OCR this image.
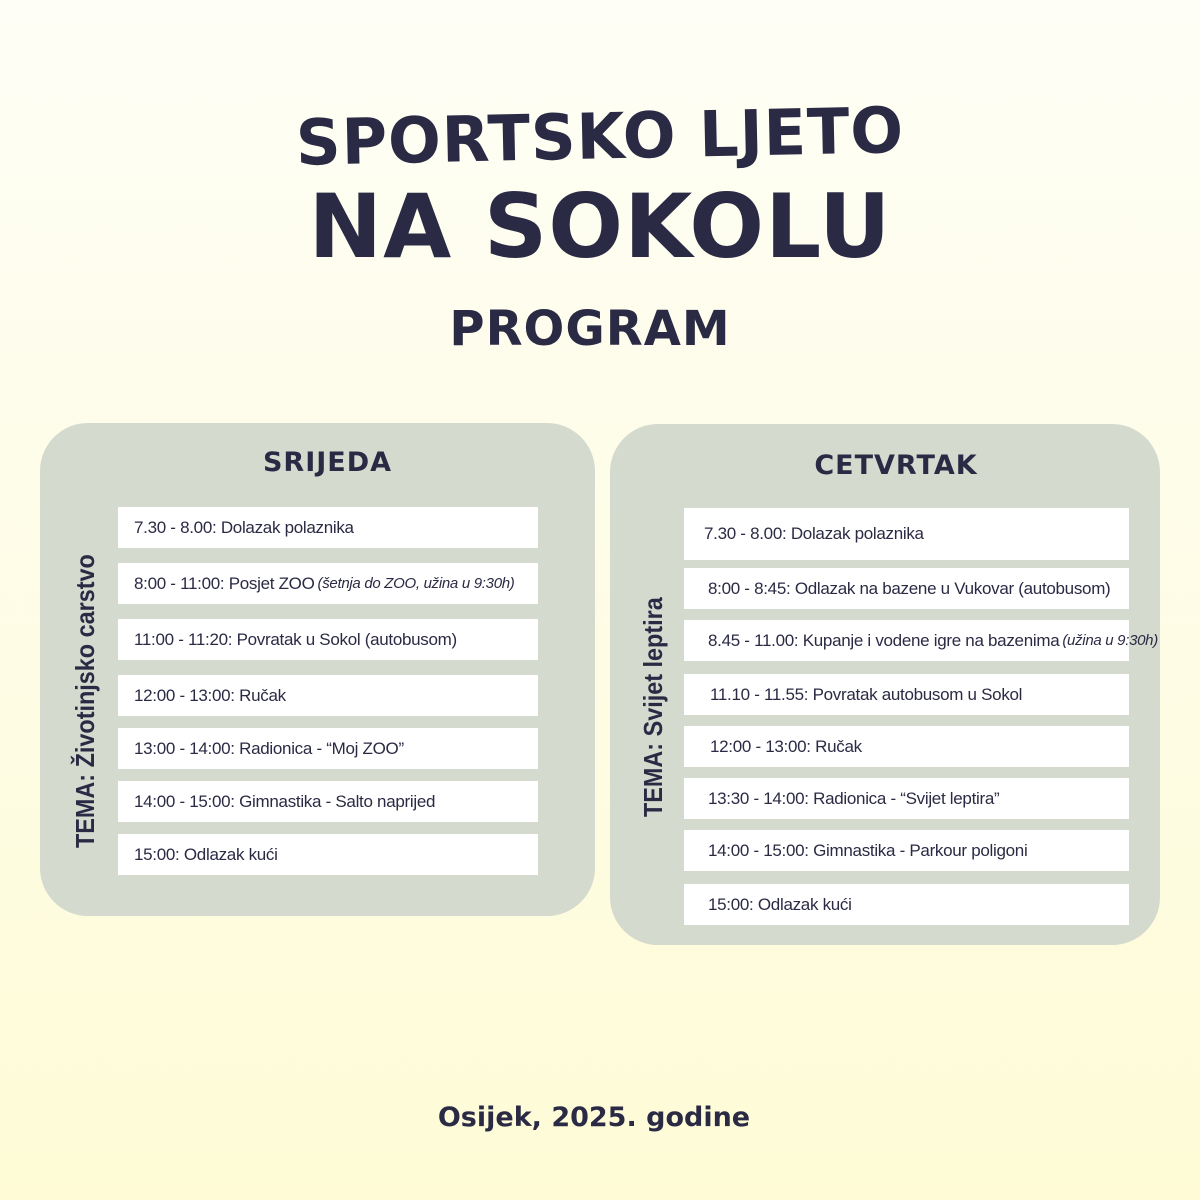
SPORTSKO LJETO
NA SOKOLU
PROGRAM
SRIJEDA
TEMA: Životinjsko carstvo
7.30 - 8.00: Dolazak polaznika
8:00 - 11:00: Posjet ZOO (šetnja do ZOO, užina u 9:30h)
11:00 - 11:20: Povratak u Sokol (autobusom)
12:00 - 13:00: Ručak
13:00 - 14:00: Radionica - “Moj ZOO”
14:00 - 15:00: Gimnastika - Salto naprijed
15:00: Odlazak kući
CETVRTAK
TEMA: Svijet leptira
7.30 - 8.00: Dolazak polaznika
8:00 - 8:45: Odlazak na bazene u Vukovar (autobusom)
8.45 - 11.00: Kupanje i vodene igre na bazenima (užina u 9:30h)
11.10 - 11.55: Povratak autobusom u Sokol
12:00 - 13:00: Ručak
13:30 - 14:00: Radionica - “Svijet leptira”
14:00 - 15:00: Gimnastika - Parkour poligoni
15:00: Odlazak kući
Osijek, 2025. godine
